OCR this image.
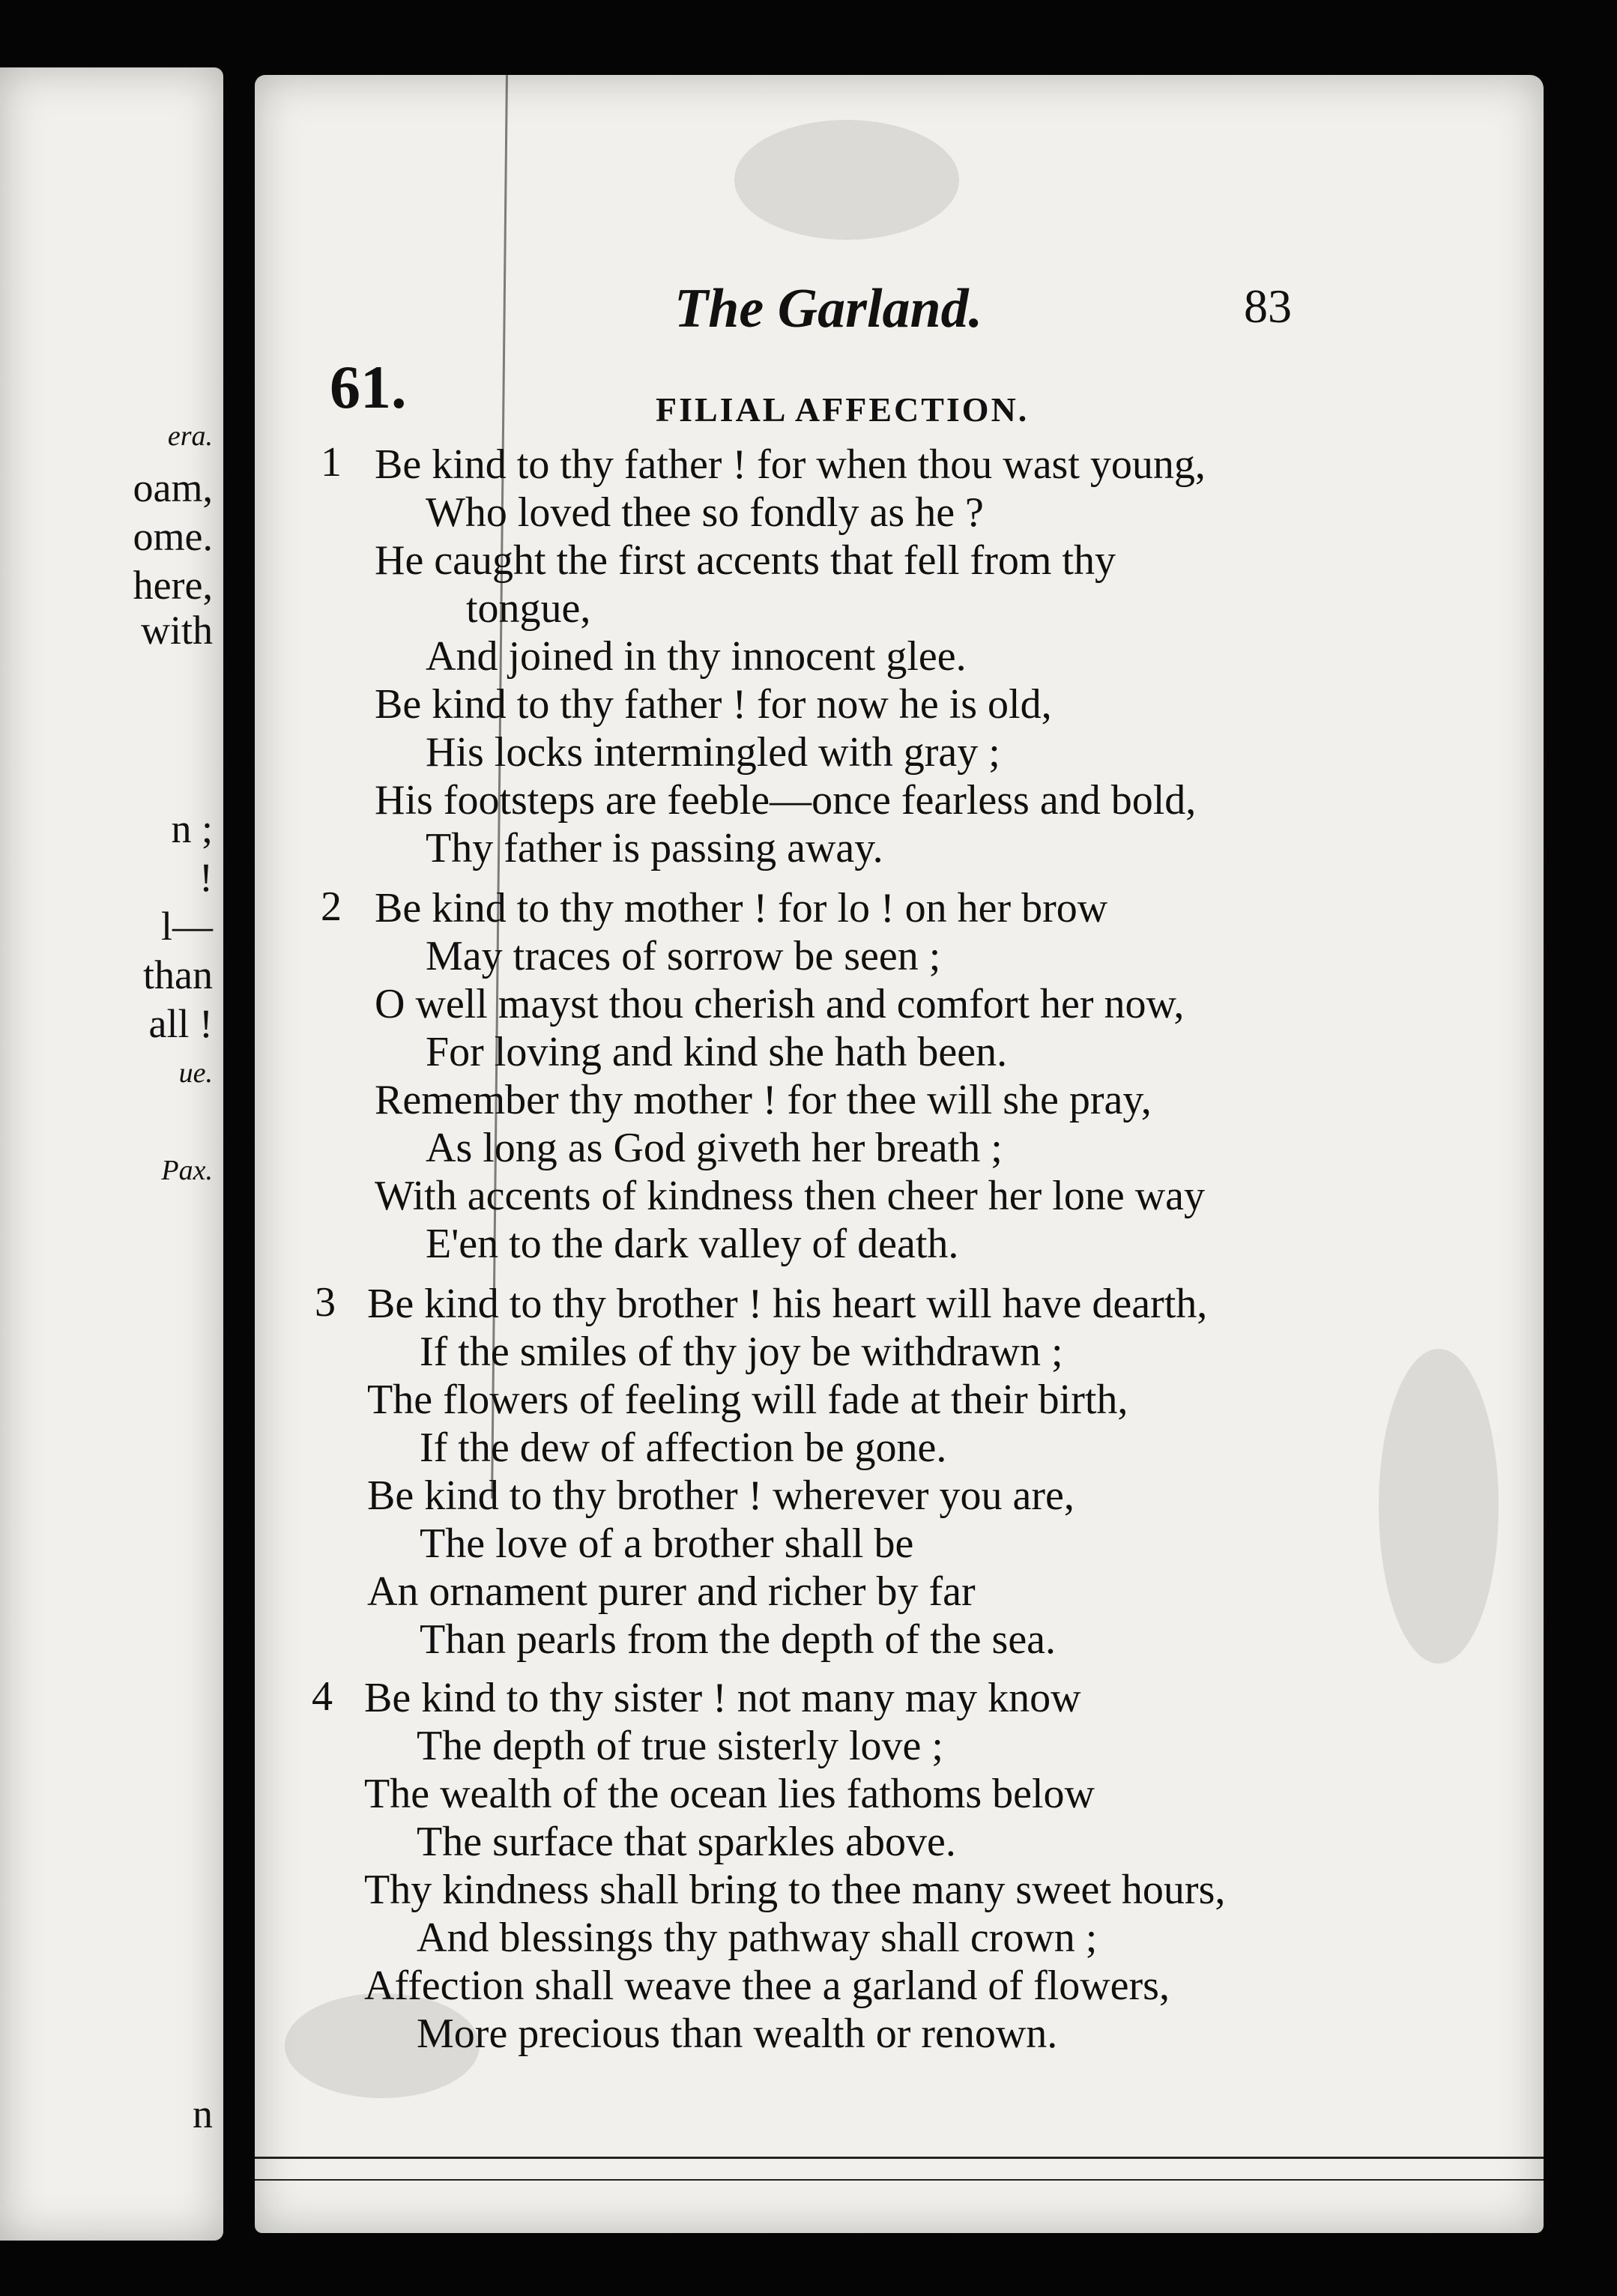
era.
oam,
ome.
here,
with
n ;
!
l—
than
all !
ue.
Pax.
n
The Garland.	83
61.	FILIAL AFFECTION.
1 Be kind to thy father ! for when thou wast young,
Who loved thee so fondly as he ?
He caught the first accents that fell from thy
tongue,
And joined in thy innocent glee.
Be kind to thy father ! for now he is old,
His locks intermingled with gray ;
His footsteps are feeble—once fearless and bold,
Thy father is passing away.
2 Be kind to thy mother ! for lo ! on her brow
May traces of sorrow be seen ;
O well mayst thou cherish and comfort her now,
For loving and kind she hath been.
Remember thy mother ! for thee will she pray,
As long as God giveth her breath ;
With accents of kindness then cheer her lone way
E'en to the dark valley of death.
3 Be kind to thy brother ! his heart will have dearth,
If the smiles of thy joy be withdrawn ;
The flowers of feeling will fade at their birth,
If the dew of affection be gone.
Be kind to thy brother ! wherever you are,
The love of a brother shall be
An ornament purer and richer by far
Than pearls from the depth of the sea.
4 Be kind to thy sister ! not many may know
The depth of true sisterly love ;
The wealth of the ocean lies fathoms below
The surface that sparkles above.
Thy kindness shall bring to thee many sweet hours,
And blessings thy pathway shall crown ;
Affection shall weave thee a garland of flowers,
More precious than wealth or renown.
